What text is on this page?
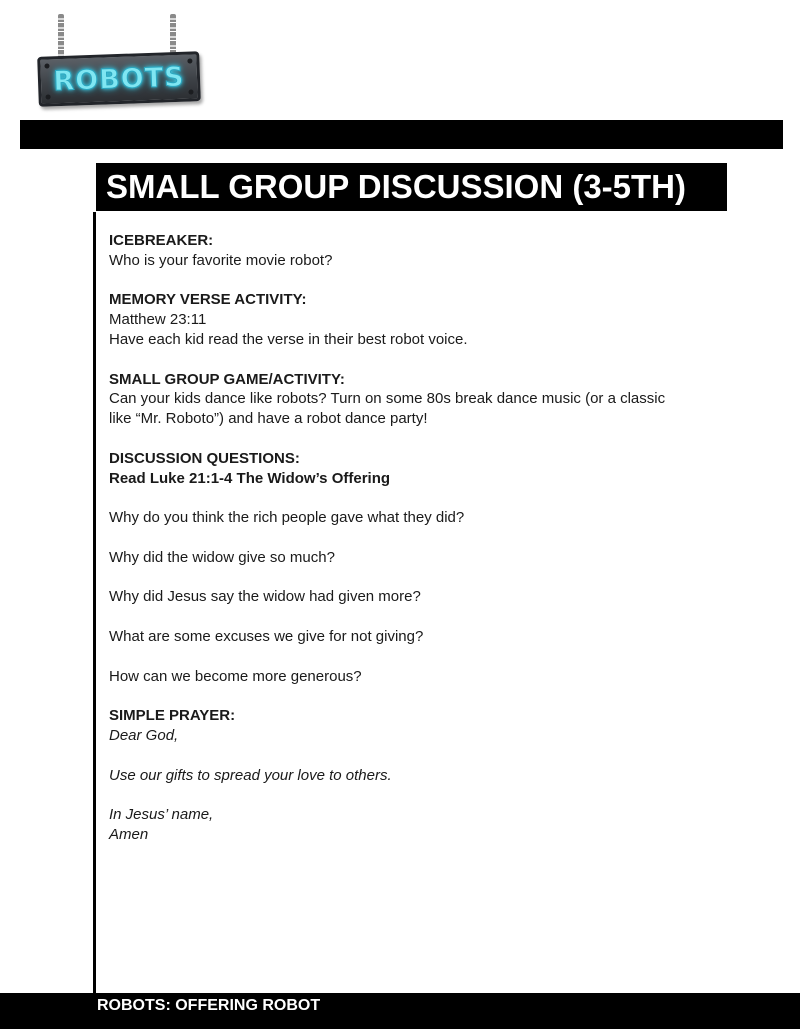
ROBOTS
SMALL GROUP DISCUSSION (3-5TH)

ICEBREAKER:

Who is your favorite movie robot?

MEMORY VERSE ACTIVITY:

Matthew 23:11

Have each kid read the verse in their best robot voice.

SMALL GROUP GAME/ACTIVITY:

Can your kids dance like robots? Turn on some 80s break dance music (or a classic

like “Mr. Roboto”) and have a robot dance party!

DISCUSSION QUESTIONS:

Read Luke 21:1-4 The Widow’s Offering

Why do you think the rich people gave what they did?

Why did the widow give so much?

Why did Jesus say the widow had given more?

What are some excuses we give for not giving?

How can we become more generous?

SIMPLE PRAYER:

Dear God,

Use our gifts to spread your love to others.

In Jesus’ name,

Amen

ROBOTS: OFFERING ROBOT
